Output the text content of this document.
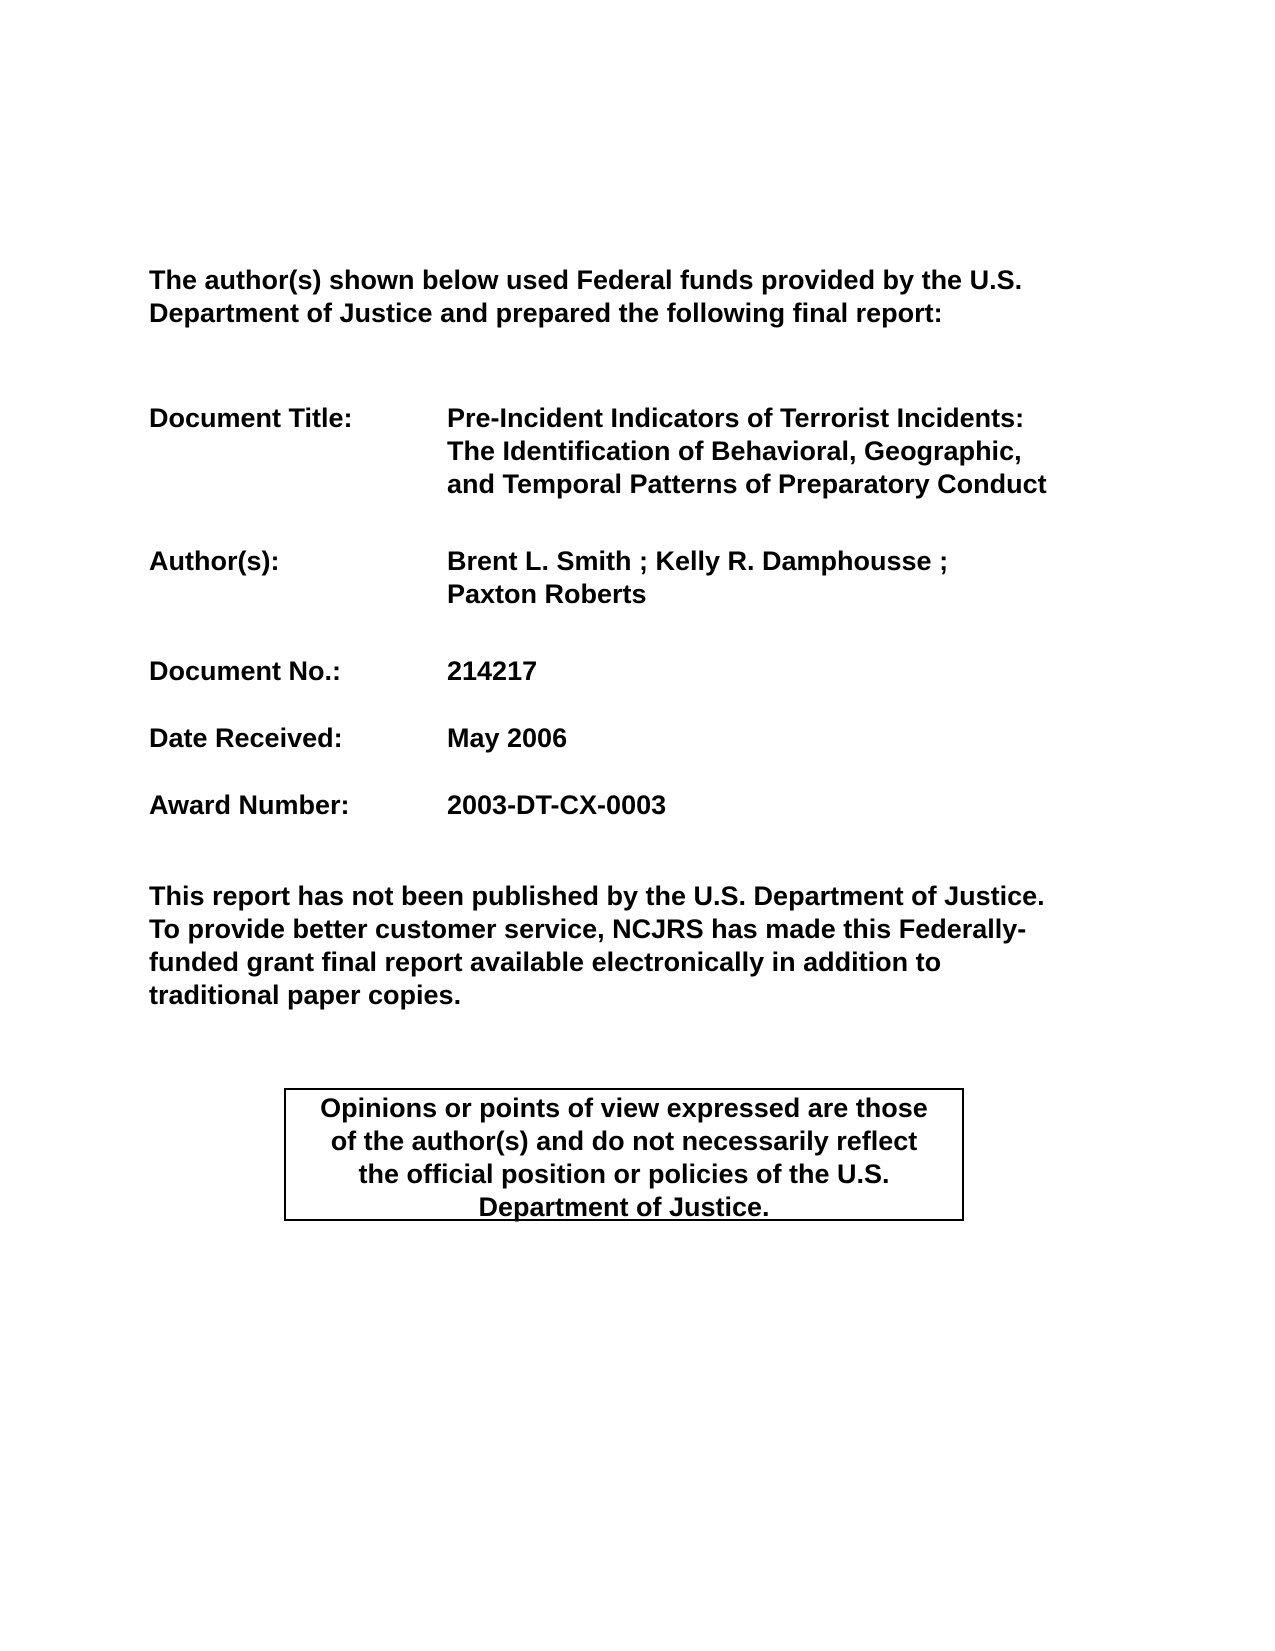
The author(s) shown below used Federal funds provided by the U.S.
Department of Justice and prepared the following final report:
Document Title:	Pre-Incident Indicators of Terrorist Incidents:
The Identification of Behavioral, Geographic,
and Temporal Patterns of Preparatory Conduct
Author(s):	Brent L. Smith ; Kelly R. Damphousse ;
Paxton Roberts
Document No.:	214217
Date Received:	May 2006
Award Number:	2003-DT-CX-0003
This report has not been published by the U.S. Department of Justice.
To provide better customer service, NCJRS has made this Federally-
funded grant final report available electronically in addition to
traditional paper copies.
Opinions or points of view expressed are those
of the author(s) and do not necessarily reflect
the official position or policies of the U.S.
Department of Justice.
